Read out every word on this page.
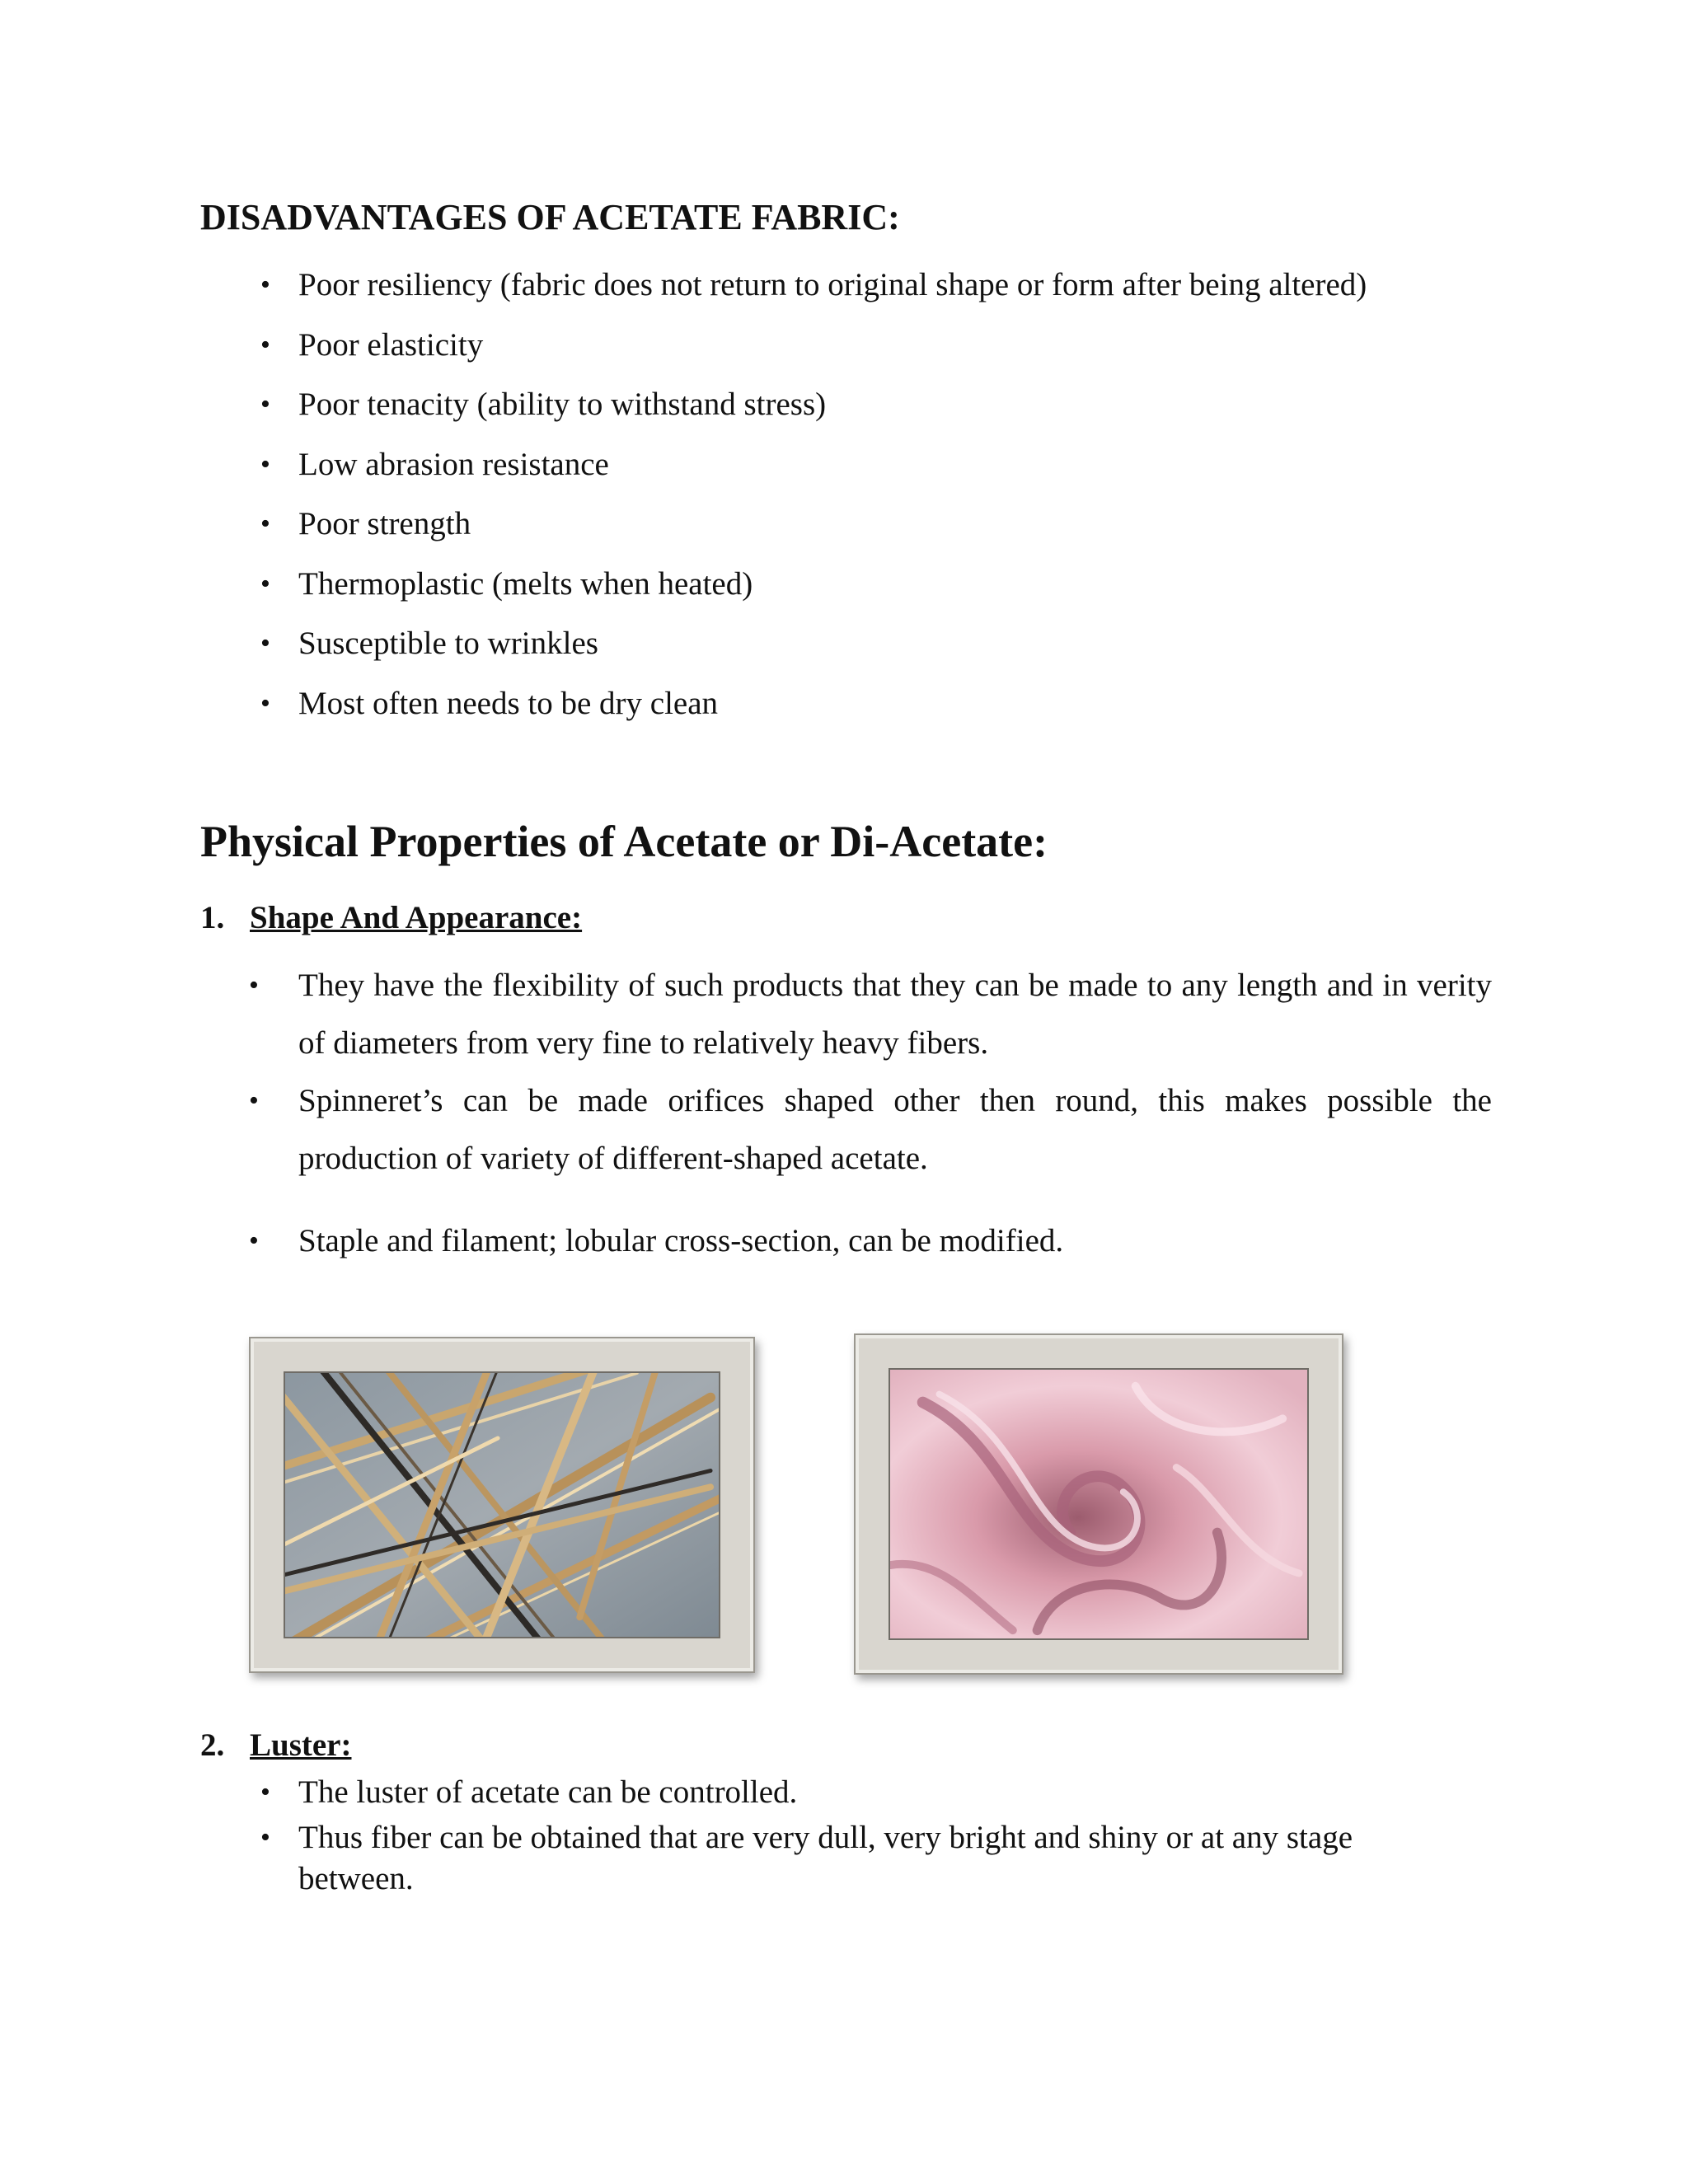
DISADVANTAGES OF ACETATE FABRIC:
• Poor resiliency (fabric does not return to original shape or form after being altered)
• Poor elasticity
• Poor tenacity (ability to withstand stress)
• Low abrasion resistance
• Poor strength
• Thermoplastic (melts when heated)
• Susceptible to wrinkles
• Most often needs to be dry clean
Physical Properties of Acetate or Di-Acetate:
1. Shape And Appearance:
•	They have the flexibility of such products that they can be made to any length and in verity of diameters from very fine to relatively heavy fibers.
•	Spinneret’s can be made orifices shaped other then round, this makes possible the production of variety of different-shaped acetate.
•	Staple and filament; lobular cross-section, can be modified.
2. Luster:
• The luster of acetate can be controlled.
• Thus fiber can be obtained that are very dull, very bright and shiny or at any stage between.
